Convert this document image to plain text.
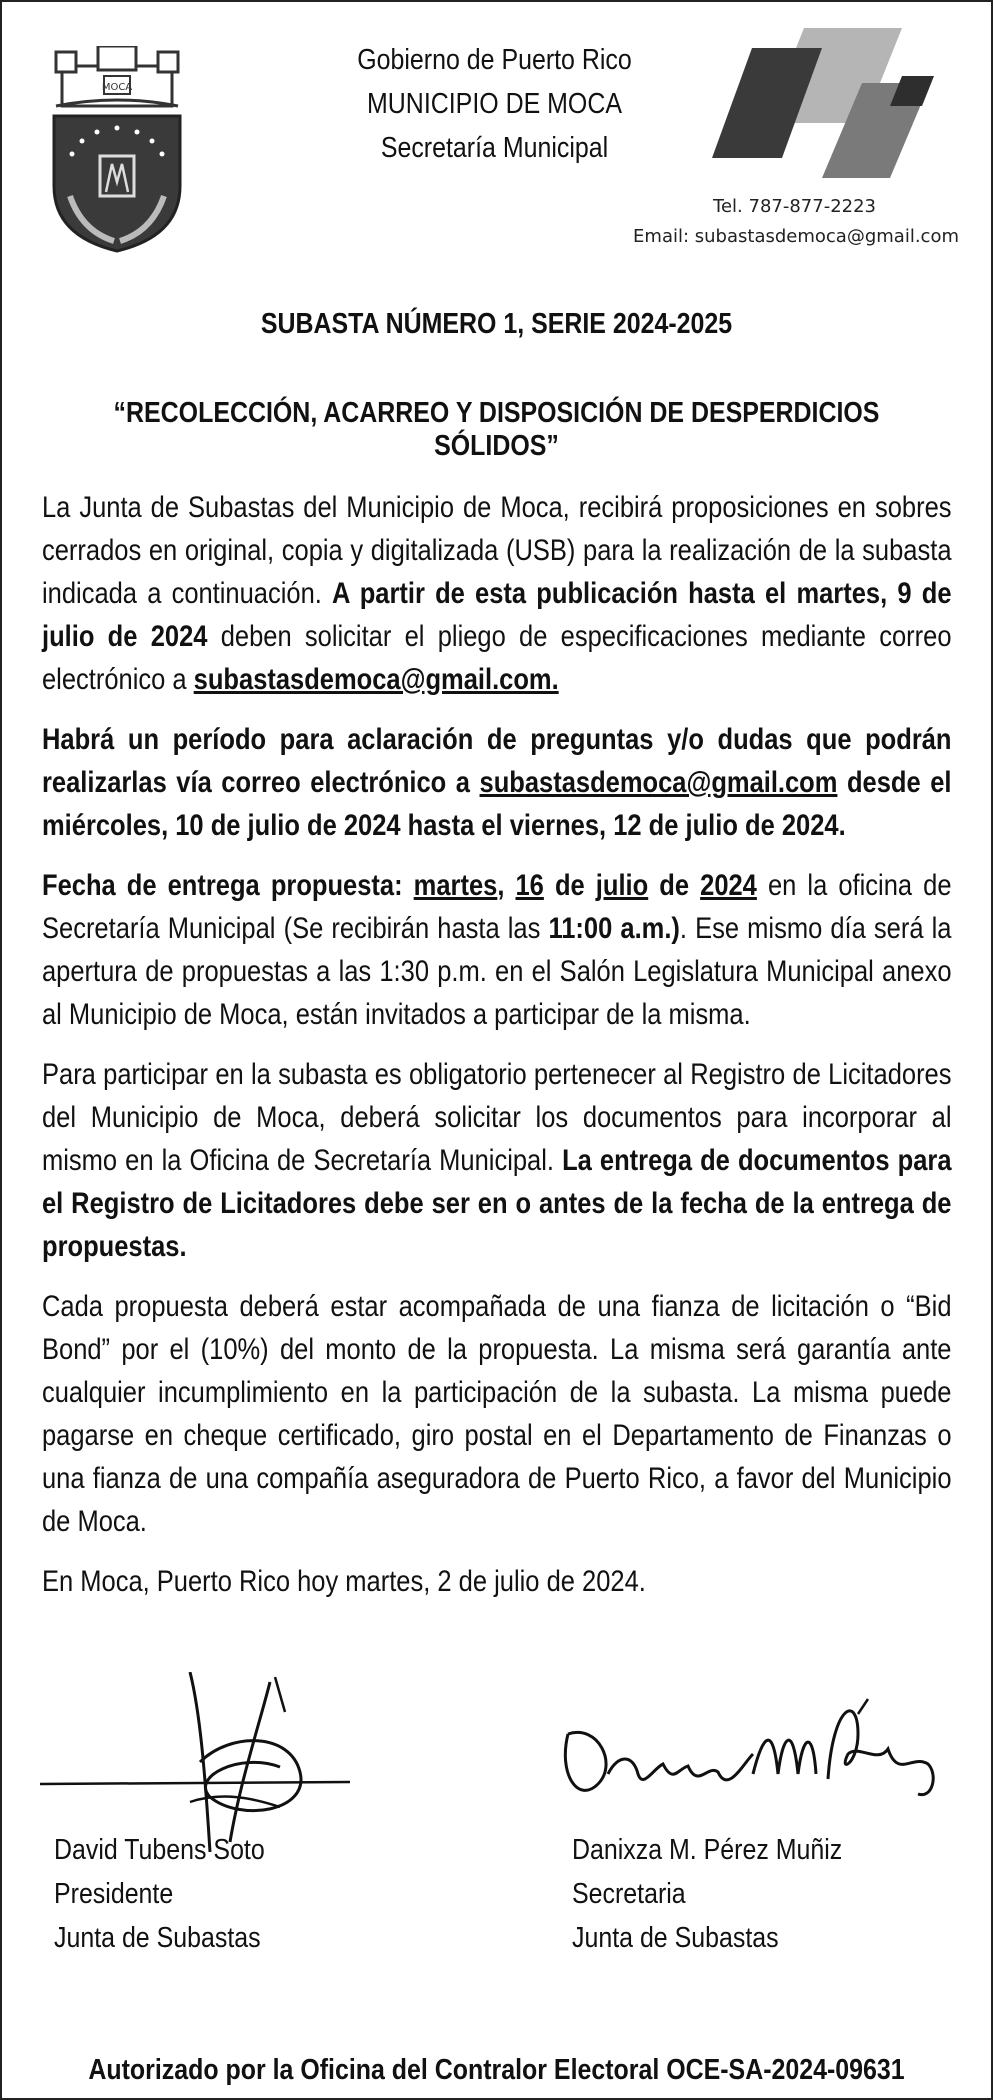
MOCA
Gobierno de Puerto Rico
MUNICIPIO DE MOCA
Secretaría Municipal
Tel. 787-877-2223
Email: subastasdemoca@gmail.com
SUBASTA NÚMERO 1, SERIE 2024-2025
“RECOLECCIÓN, ACARREO Y DISPOSICIÓN DE DESPERDICIOS SÓLIDOS”

La Junta de Subastas del Municipio de Moca, recibirá proposiciones en sobres cerrados en original, copia y digitalizada (USB) para la realización de la subasta indicada a continuación. A partir de esta publicación hasta el martes, 9 de julio de 2024 deben solicitar el pliego de especificaciones mediante correo electrónico a subastasdemoca@gmail.com.

Habrá un período para aclaración de preguntas y/o dudas que podrán realizarlas vía correo electrónico a subastasdemoca@gmail.com desde el miércoles, 10 de julio de 2024 hasta el viernes, 12 de julio de 2024.

Fecha de entrega propuesta: martes, 16 de julio de 2024 en la oficina de Secretaría Municipal (Se recibirán hasta las 11:00 a.m.). Ese mismo día será la apertura de propuestas a las 1:30 p.m. en el Salón Legislatura Municipal anexo al Municipio de Moca, están invitados a participar de la misma.

Para participar en la subasta es obligatorio pertenecer al Registro de Licitadores del Municipio de Moca, deberá solicitar los documentos para incorporar al mismo en la Oficina de Secretaría Municipal. La entrega de documentos para el Registro de Licitadores debe ser en o antes de la fecha de la entrega de propuestas.

Cada propuesta deberá estar acompañada de una fianza de licitación o “Bid Bond” por el (10%) del monto de la propuesta. La misma será garantía ante cualquier incumplimiento en la participación de la subasta. La misma puede pagarse en cheque certificado, giro postal en el Departamento de Finanzas o una fianza de una compañía aseguradora de Puerto Rico, a favor del Municipio de Moca.

En Moca, Puerto Rico hoy martes, 2 de julio de 2024.

David Tubens Soto
Presidente
Junta de Subastas
Danixza M. Pérez Muñiz
Secretaria
Junta de Subastas
Autorizado por la Oficina del Contralor Electoral OCE-SA-2024-09631
